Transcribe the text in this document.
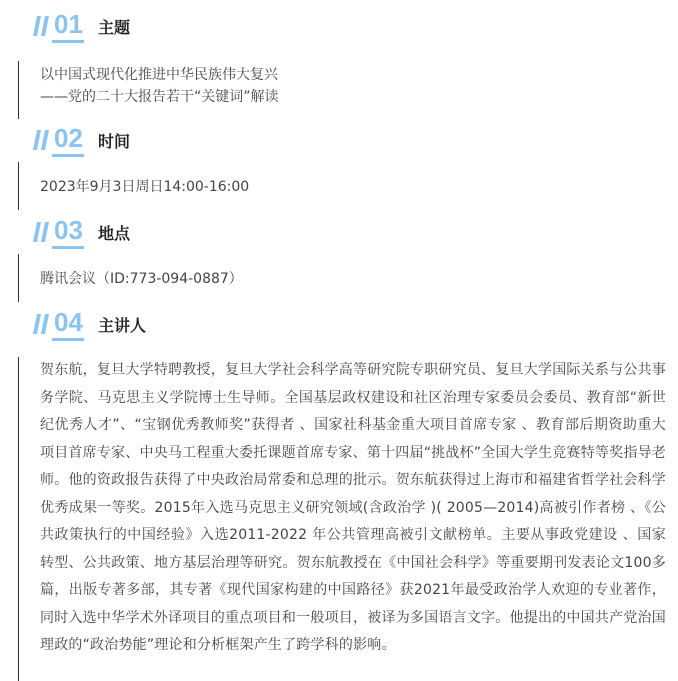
01 主题
以中国式现代化推进中华民族伟大复兴
——党的二十大报告若干“关键词”解读
02 时间
2023年9月3日周日14:00-16:00
03 地点
腾讯会议（ID:773-094-0887）
04 主讲人

贺东航，复旦大学特聘教授，复旦大学社会科学高等研究院专职研究员、复旦大学国际关系与公共事务学院、马克思主义学院博士生导师。全国基层政权建设和社区治理专家委员会委员、教育部“新世纪优秀人才”、“宝钢优秀教师奖”获得者 、国家社科基金重大项目首席专家 、教育部后期资助重大项目首席专家、中央马工程重大委托课题首席专家、第十四届“挑战杯”全国大学生竞赛特等奖指导老师。他的资政报告获得了中央政治局常委和总理的批示。贺东航获得过上海市和福建省哲学社会科学优秀成果一等奖。2015年入选马克思主义研究领域(含政治学 )( 2005—2014)高被引作者榜 、《公共政策执行的中国经验》入选2011-2022 年公共管理高被引文献榜单。主要从事政党建设 、国家转型、公共政策、地方基层治理等研究。贺东航教授在《中国社会科学》等重要期刊发表论文100多篇，出版专著多部，其专著《现代国家构建的中国路径》获2021年最受政治学人欢迎的专业著作，同时入选中华学术外译项目的重点项目和一般项目，被译为多国语言文字。他提出的中国共产党治国理政的“政治势能”理论和分析框架产生了跨学科的影响。
